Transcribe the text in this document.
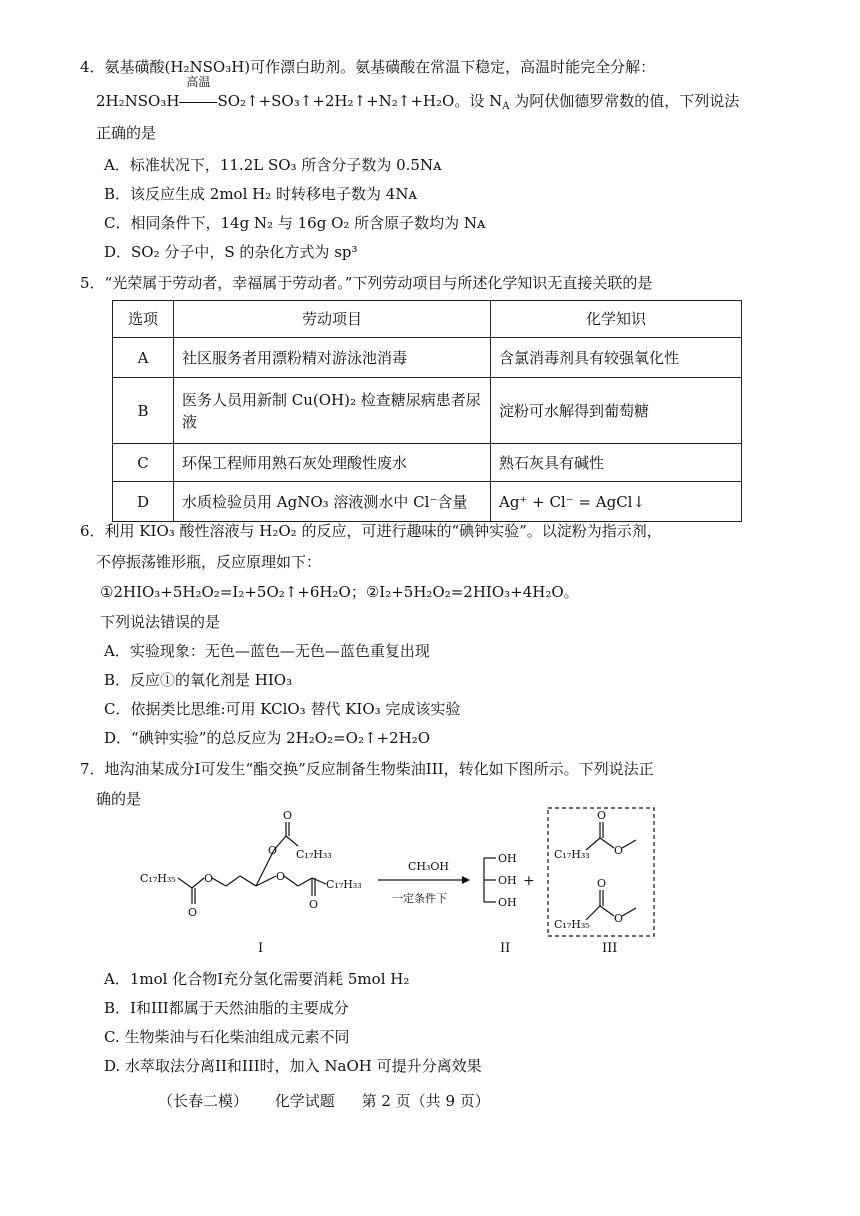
4．氨基磺酸(H₂NSO₃H)可作漂白助剂。氨基磺酸在常温下稳定，高温时能完全分解：
2H₂NSO₃H
高温
SO₂↑+SO₃↑+2H₂↑+N₂↑+H₂O。设 $N_A$ 为阿伏伽德罗常数的值，下列说法
正确的是
A．标准状况下，11.2L SO₃ 所含分子数为 0.5Nᴀ
B．该反应生成 2mol H₂ 时转移电子数为 4Nᴀ
C．相同条件下，14g N₂ 与 16g O₂ 所含原子数均为 Nᴀ
D．SO₂ 分子中，S 的杂化方式为 sp³
5．“光荣属于劳动者，幸福属于劳动者。”下列劳动项目与所述化学知识无直接关联的是
选项	劳动项目	化学知识
A	社区服务者用漂粉精对游泳池消毒	含氯消毒剂具有较强氧化性
B	医务人员用新制 Cu(OH)₂ 检查糖尿病患者尿液	淀粉可水解得到葡萄糖
C	环保工程师用熟石灰处理酸性废水	熟石灰具有碱性
D	水质检验员用 AgNO₃ 溶液测水中 Cl⁻含量	Ag⁺ + Cl⁻ = AgCl↓
6．利用 KIO₃ 酸性溶液与 H₂O₂ 的反应，可进行趣味的“碘钟实验”。以淀粉为指示剂，
不停振荡锥形瓶，反应原理如下：
①2HIO₃+5H₂O₂=I₂+5O₂↑+6H₂O；②I₂+5H₂O₂=2HIO₃+4H₂O。
下列说法错误的是
A．实验现象：无色—蓝色—无色—蓝色重复出现
B．反应①的氧化剂是 HIO₃
C．依据类比思维:可用 KClO₃ 替代 KIO₃ 完成该实验
D．“碘钟实验”的总反应为 2H₂O₂=O₂↑+2H₂O
7．地沟油某成分I可发生“酯交换”反应制备生物柴油III，转化如下图所示。下列说法正
确的是
C₁₇H₃₅
O
O
O
O
C₁₇H₃₃
O
O
C₁₇H₃₃
CH₃OH
一定条件下
OH
OH
OH
+
C₁₇H₃₃
O
O
C₁₇H₃₅
O
O
I	II	III
A．1mol 化合物I充分氢化需要消耗 5mol H₂
B．I和III都属于天然油脂的主要成分
C. 生物柴油与石化柴油组成元素不同
D. 水萃取法分离II和III时，加入 NaOH 可提升分离效果
（长春二模） 化学试题 第 2 页（共 9 页）
